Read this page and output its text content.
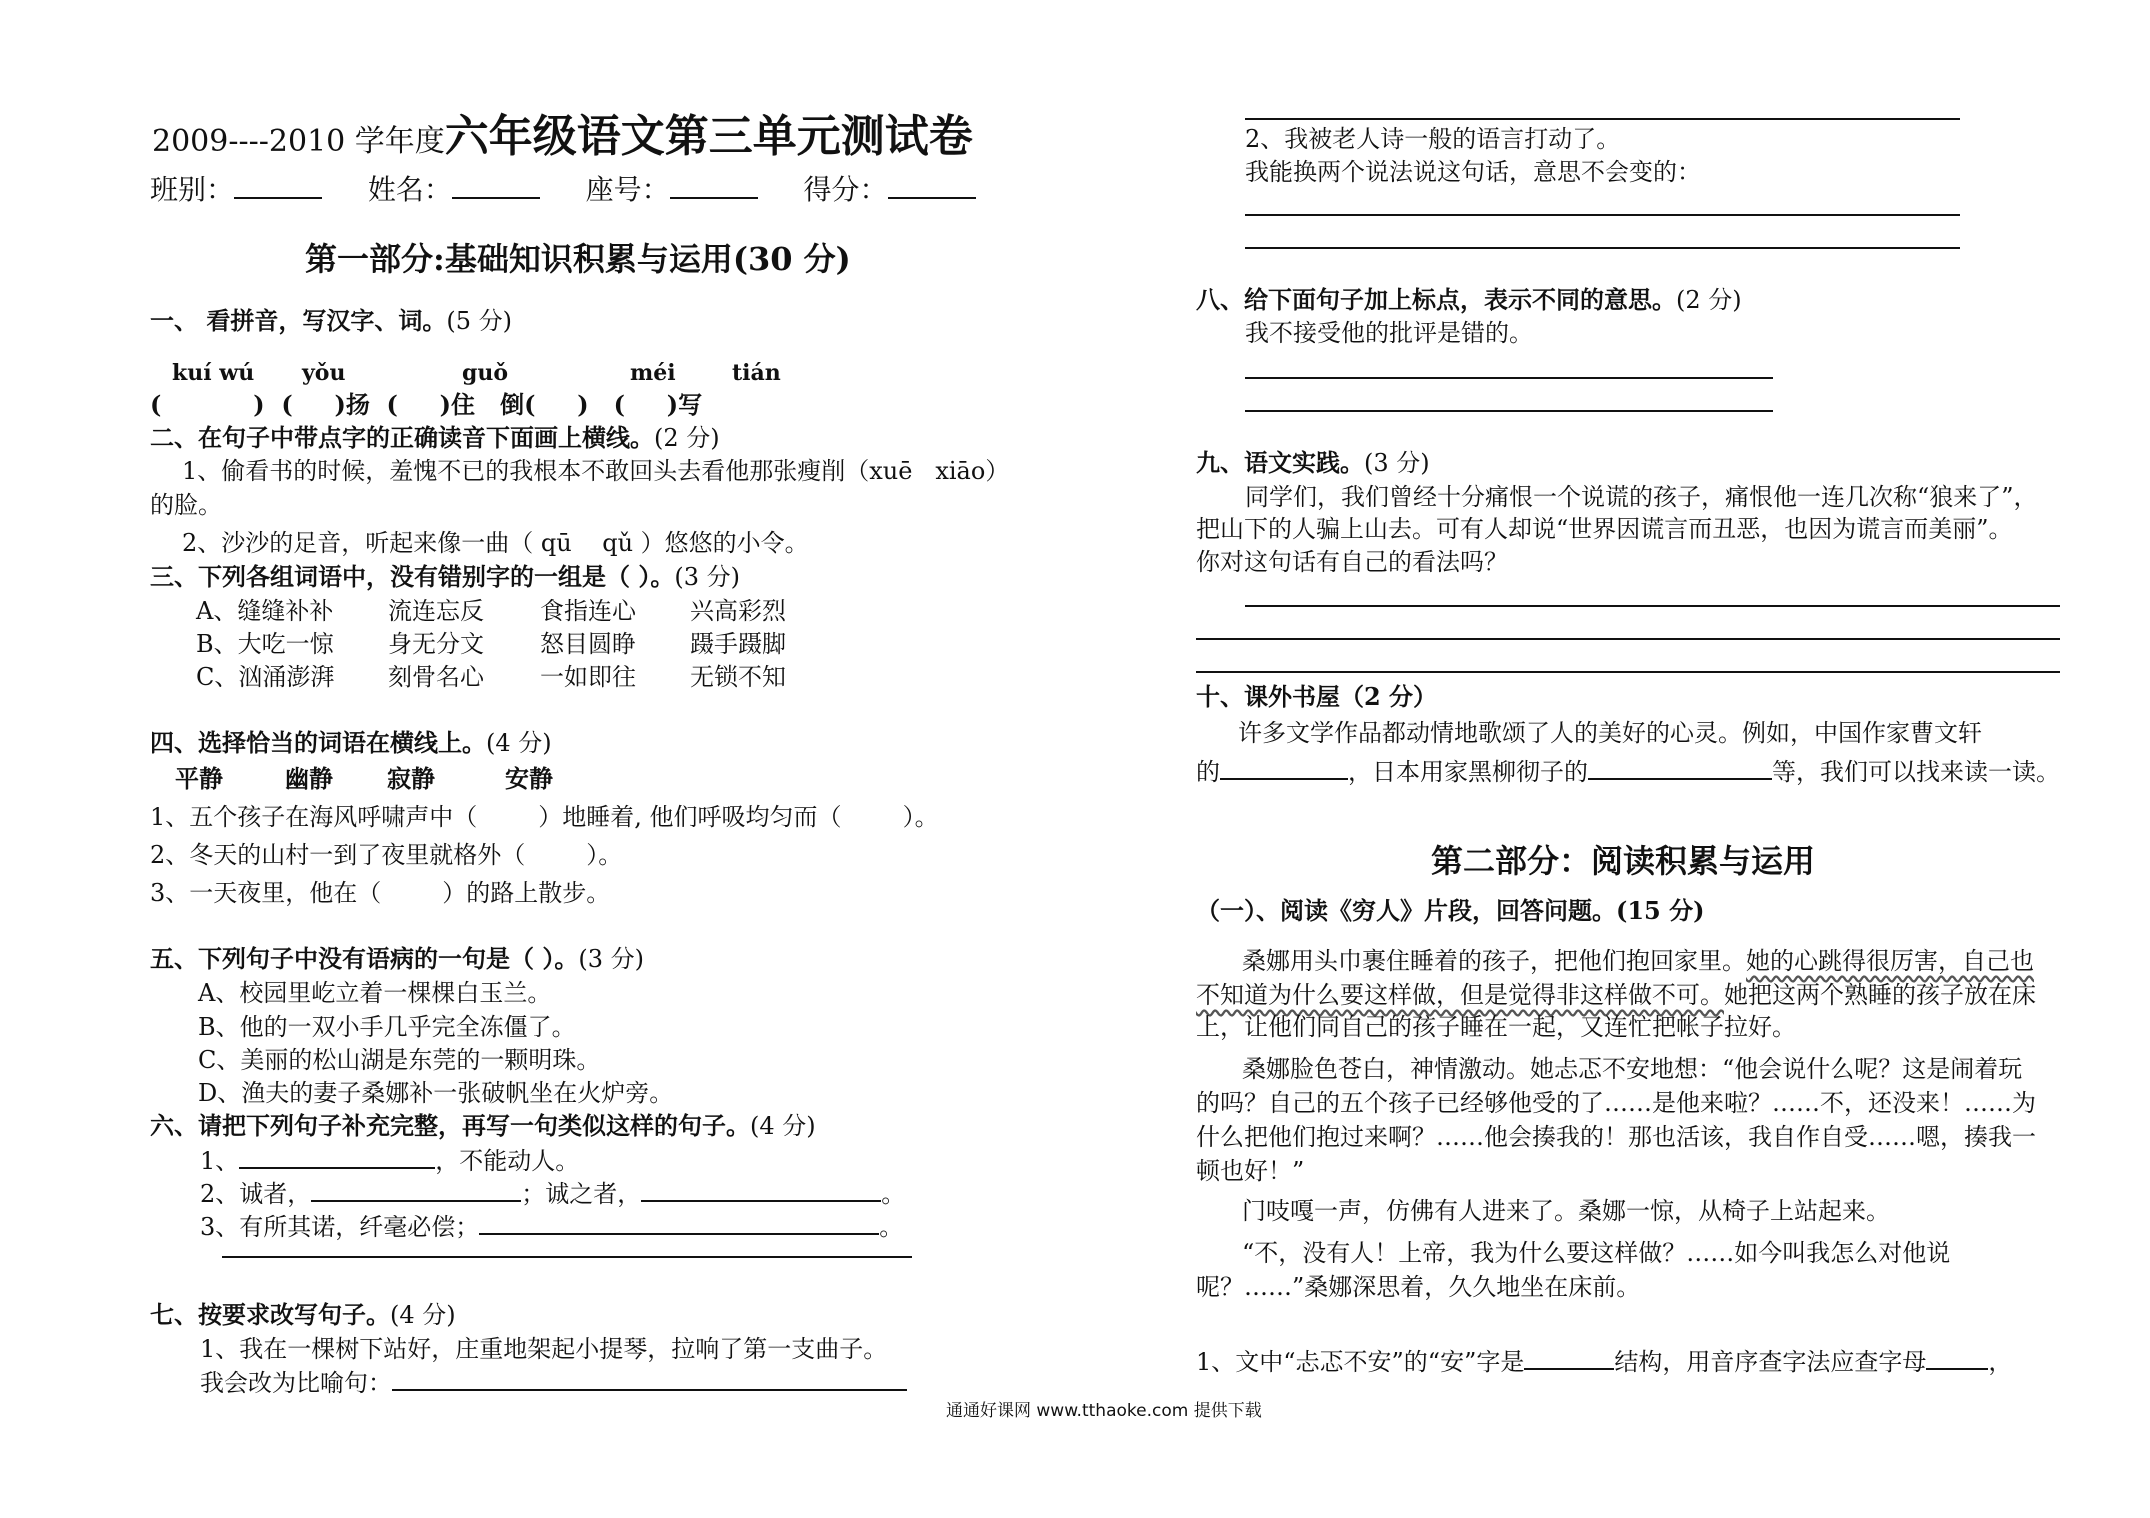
2009----2010 学年度六年级语文第三单元测试卷
班别：	姓名：	座号：	得分：
第一部分:基础知识积累与运用(30 分)
一、 看拼音，写汉字、词。(5 分)
kuí wú yǒu	guǒ	méi	tián
(           )  (     )扬  (     )住   倒(     )   (     )写
二、在句子中带点字的正确读音下面画上横线。(2 分)
1、偷看书的时候，羞愧不已的我根本不敢回头去看他那张瘦削（xuē   xiāo）
的脸。
2、沙沙的足音，听起来像一曲（ qū    qǔ ）悠悠的小令。
三、下列各组词语中，没有错别字的一组是（ ）。(3 分)
A、缝缝补补 流连忘反 食指连心 兴高彩烈
B、大吃一惊 身无分文 怒目圆睁 蹑手蹑脚
C、汹涌澎湃 刻骨名心 一如即往 无锁不知
四、选择恰当的词语在横线上。(4 分)
平静	幽静 寂静	安静
1、五个孩子在海风呼啸声中（        ）地睡着, 他们呼吸均匀而（        ）。
2、冬天的山村一到了夜里就格外（        ）。
3、一天夜里，他在（        ）的路上散步。
五、下列句子中没有语病的一句是（ ）。(3 分)
A、校园里屹立着一棵棵白玉兰。
B、他的一双小手几乎完全冻僵了。
C、美丽的松山湖是东莞的一颗明珠。
D、渔夫的妻子桑娜补一张破帆坐在火炉旁。
六、请把下列句子补充完整，再写一句类似这样的句子。(4 分)
1、	，不能动人。
2、诚者，	；诚之者，	。
3、有所其诺，纤毫必偿；	。
七、按要求改写句子。(4 分)
1、我在一棵树下站好，庄重地架起小提琴，拉响了第一支曲子。
我会改为比喻句：
2、我被老人诗一般的语言打动了。
我能换两个说法说这句话，意思不会变的：
八、给下面句子加上标点，表示不同的意思。(2 分)
我不接受他的批评是错的。
九、语文实践。(3 分)
同学们，我们曾经十分痛恨一个说谎的孩子，痛恨他一连几次称“狼来了”，
把山下的人骗上山去。可有人却说“世界因谎言而丑恶，也因为谎言而美丽”。
你对这句话有自己的看法吗？
十、课外书屋（2 分）
许多文学作品都动情地歌颂了人的美好的心灵。例如，中国作家曹文轩
的	，日本用家黑柳彻子的	等，我们可以找来读一读。
第二部分：阅读积累与运用
（一）、阅读《穷人》片段，回答问题。(15 分)
桑娜用头巾裹住睡着的孩子，把他们抱回家里。她的心跳得很厉害，自己也
不知道为什么要这样做，但是觉得非这样做不可。她把这两个熟睡的孩子放在床
上，让他们同自己的孩子睡在一起，又连忙把帐子拉好。
桑娜脸色苍白，神情激动。她忐忑不安地想：“他会说什么呢？这是闹着玩
的吗？自己的五个孩子已经够他受的了……是他来啦？……不，还没来！……为
什么把他们抱过来啊？……他会揍我的！那也活该，我自作自受……嗯，揍我一
顿也好！”
门吱嘎一声，仿佛有人进来了。桑娜一惊，从椅子上站起来。
“不，没有人！上帝，我为什么要这样做？……如今叫我怎么对他说
呢？……”桑娜深思着，久久地坐在床前。
1、文中“忐忑不安”的“安”字是	结构，用音序查字法应查字母	，
通通好课网 www.tthaoke.com 提供下载
